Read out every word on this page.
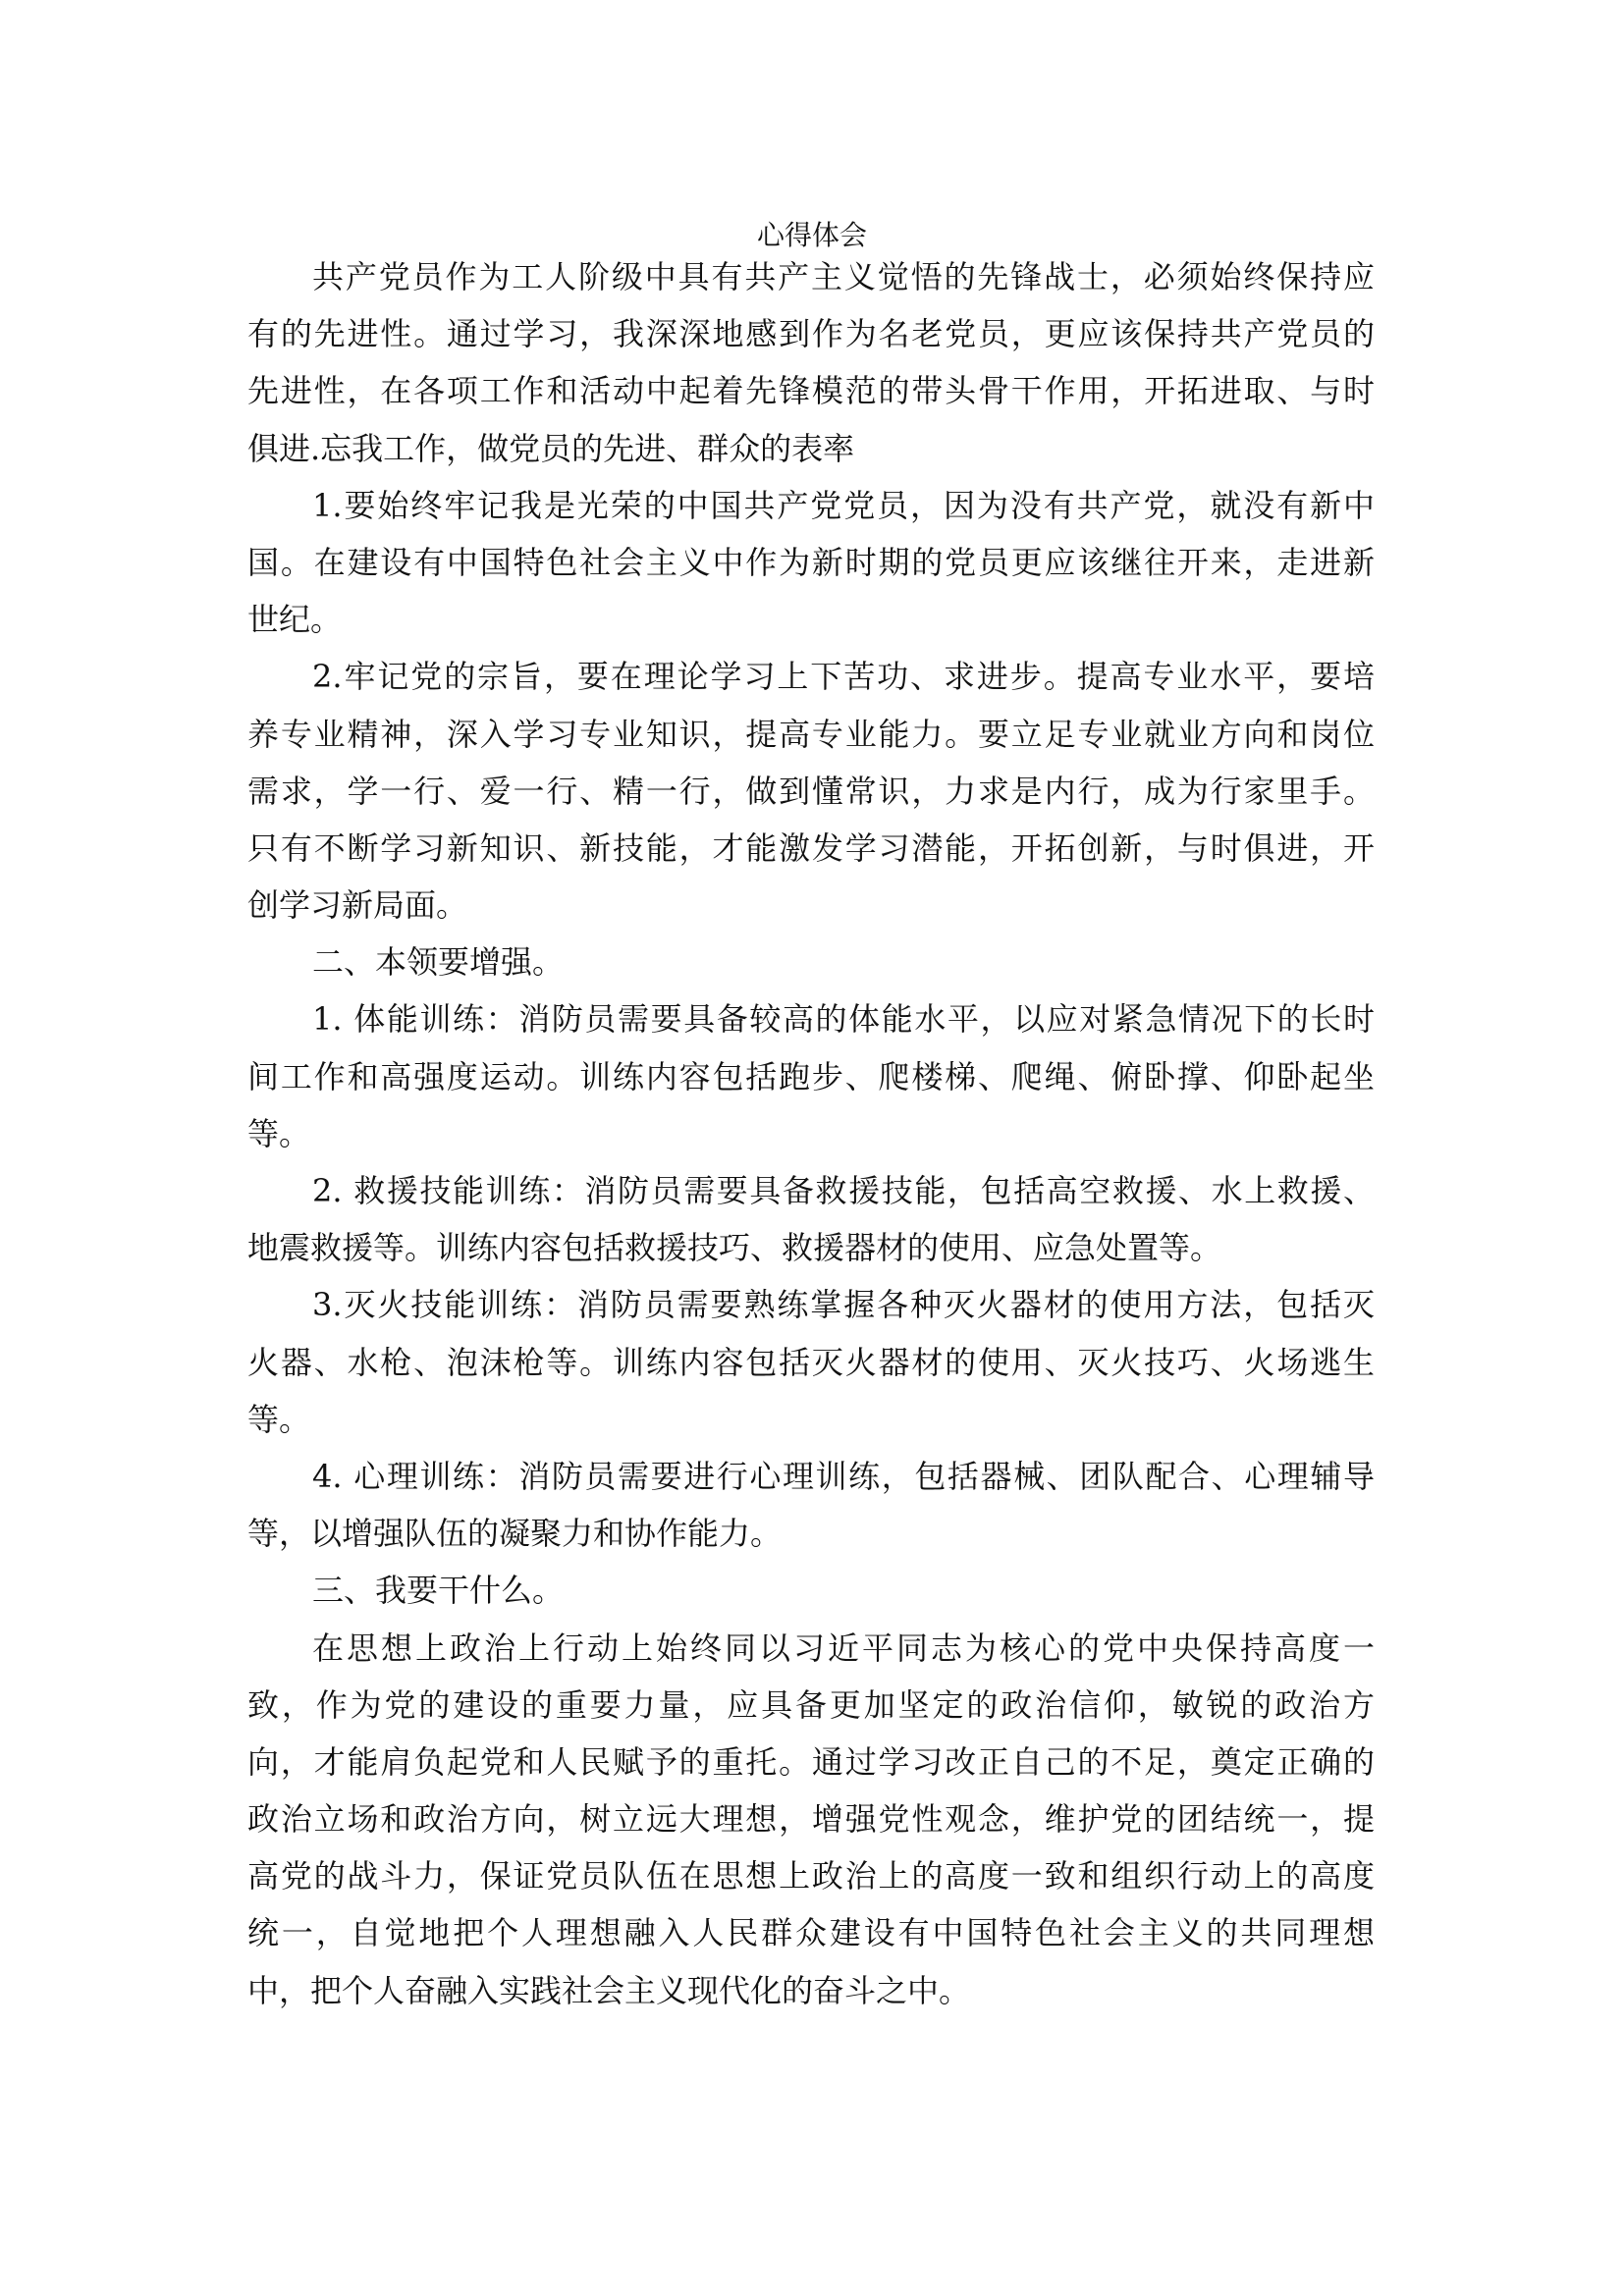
心得体会
共产党员作为工人阶级中具有共产主义觉悟的先锋战士，必须始终保持应
有的先进性。通过学习，我深深地感到作为名老党员，更应该保持共产党员的
先进性，在各项工作和活动中起着先锋模范的带头骨干作用，开拓进取、与时
俱进.忘我工作，做党员的先进、群众的表率
1.要始终牢记我是光荣的中国共产党党员，因为没有共产党，就没有新中
国。在建设有中国特色社会主义中作为新时期的党员更应该继往开来，走进新
世纪。
2.牢记党的宗旨，要在理论学习上下苦功、求进步。提高专业水平，要培
养专业精神，深入学习专业知识，提高专业能力。要立足专业就业方向和岗位
需求，学一行、爱一行、精一行，做到懂常识，力求是内行，成为行家里手。
只有不断学习新知识、新技能，才能激发学习潜能，开拓创新，与时俱进，开
创学习新局面。
二、本领要增强。
1. 体能训练：消防员需要具备较高的体能水平，以应对紧急情况下的长时
间工作和高强度运动。训练内容包括跑步、爬楼梯、爬绳、俯卧撑、仰卧起坐
等。
2. 救援技能训练：消防员需要具备救援技能，包括高空救援、水上救援、
地震救援等。训练内容包括救援技巧、救援器材的使用、应急处置等。
3.灭火技能训练：消防员需要熟练掌握各种灭火器材的使用方法，包括灭
火器、水枪、泡沫枪等。训练内容包括灭火器材的使用、灭火技巧、火场逃生
等。
4. 心理训练：消防员需要进行心理训练，包括器械、团队配合、心理辅导
等，以增强队伍的凝聚力和协作能力。
三、我要干什么。
在思想上政治上行动上始终同以习近平同志为核心的党中央保持高度一
致，作为党的建设的重要力量，应具备更加坚定的政治信仰，敏锐的政治方
向，才能肩负起党和人民赋予的重托。通过学习改正自己的不足，奠定正确的
政治立场和政治方向，树立远大理想，增强党性观念，维护党的团结统一，提
高党的战斗力，保证党员队伍在思想上政治上的高度一致和组织行动上的高度
统一，自觉地把个人理想融入人民群众建设有中国特色社会主义的共同理想
中，把个人奋融入实践社会主义现代化的奋斗之中。
